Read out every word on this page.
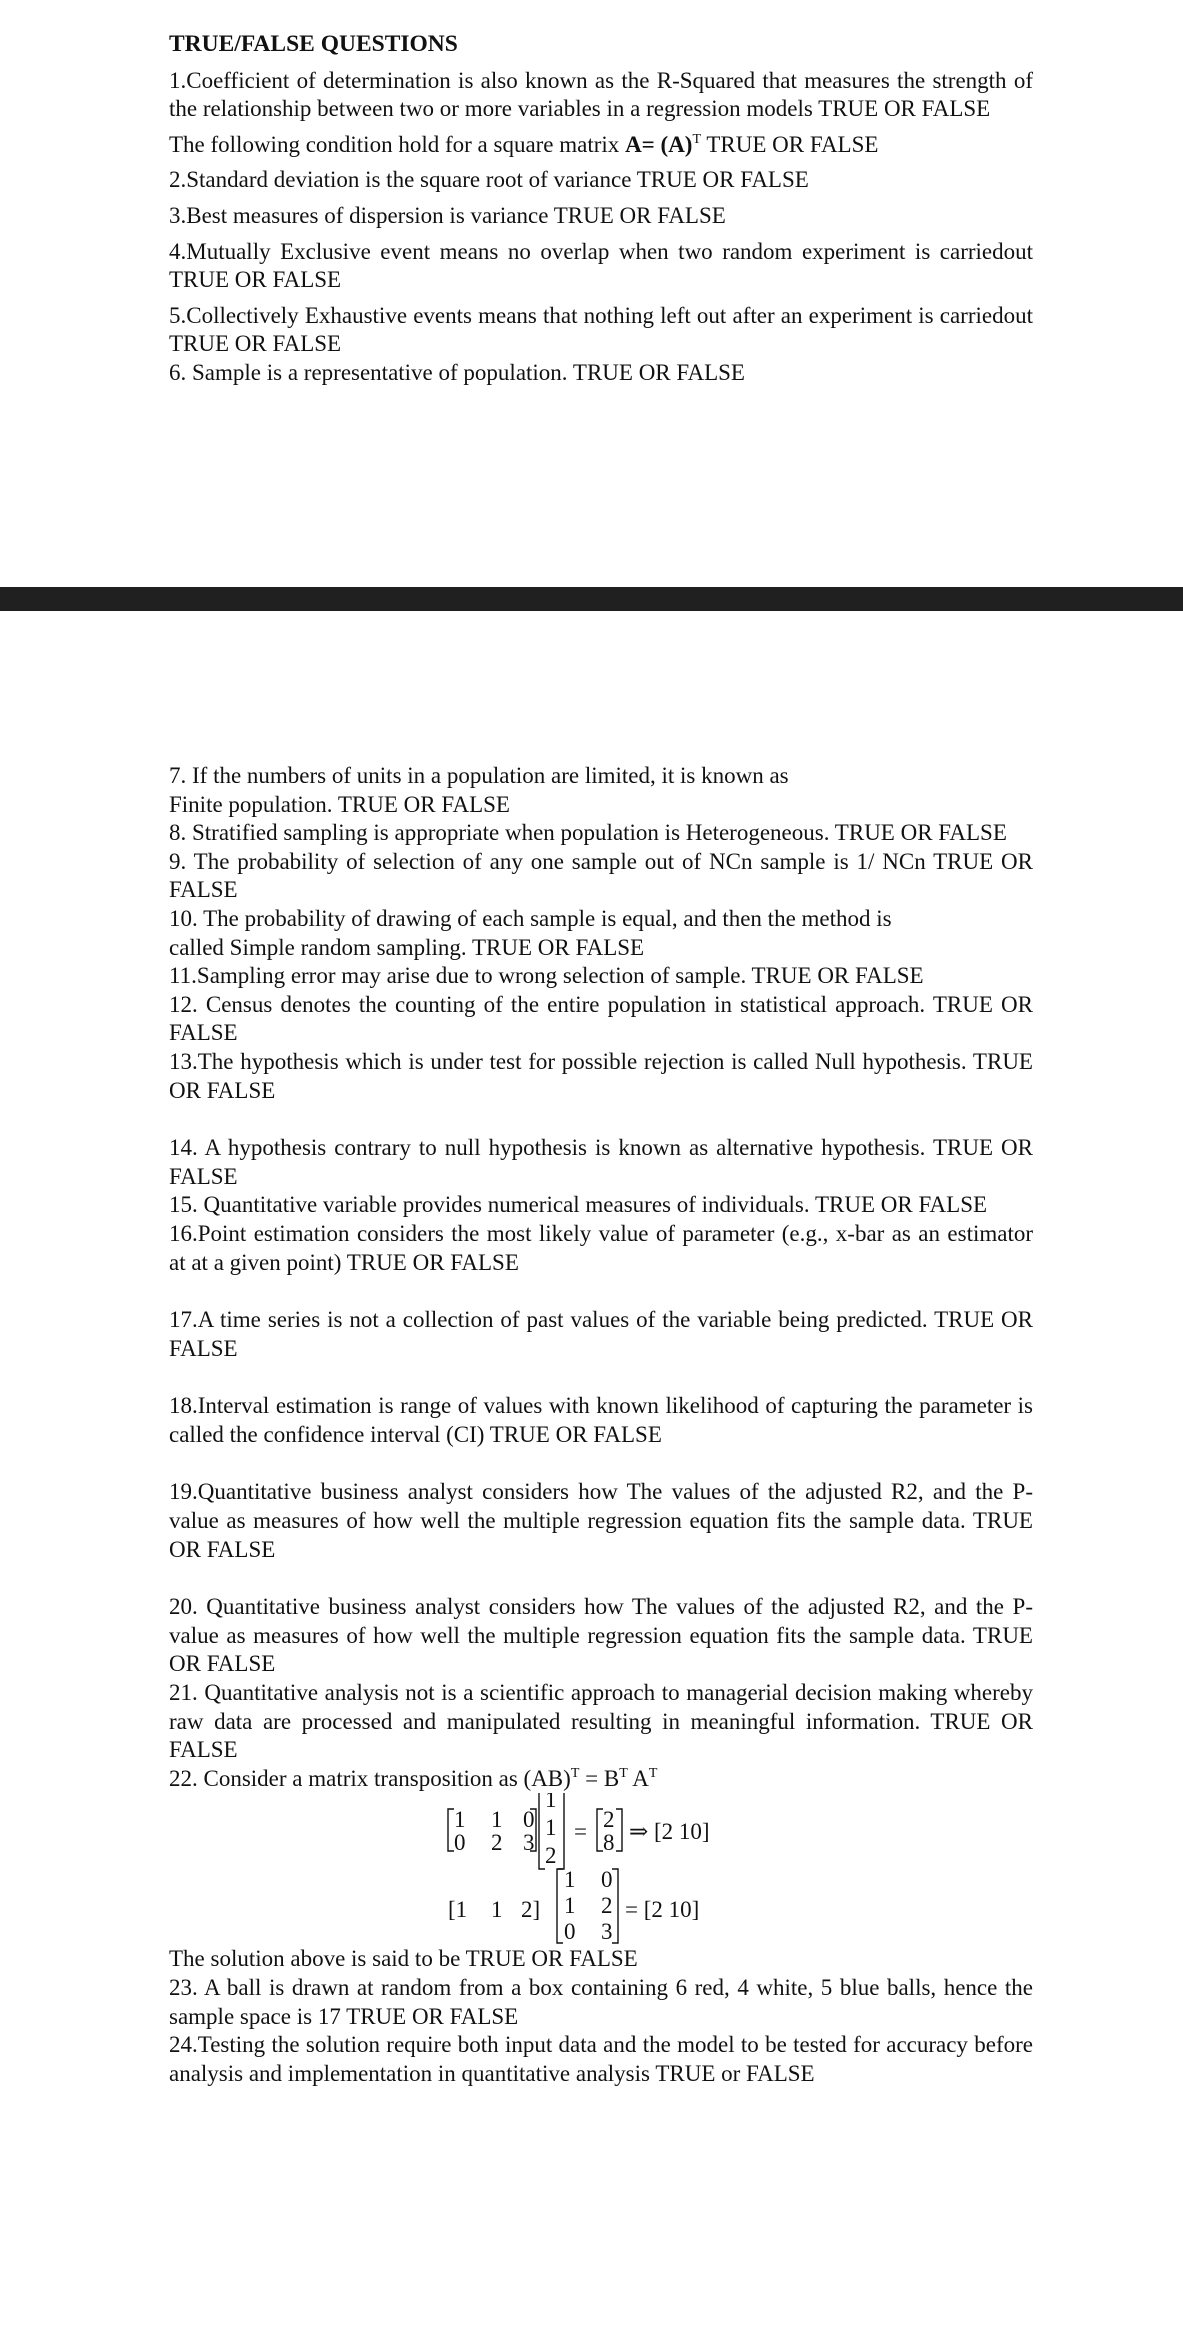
TRUE/FALSE QUESTIONS

1.Coefficient of determination is also known as the R-Squared that measures the strength of the relationship between two or more variables in a regression models TRUE OR FALSE

The following condition hold for a square matrix $A= (A)^T$ TRUE OR FALSE

2.Standard deviation is the square root of variance TRUE OR FALSE

3.Best measures of dispersion is variance TRUE OR FALSE

4.Mutually Exclusive event means no overlap when two random experiment is carriedout TRUE OR FALSE

5.Collectively Exhaustive events means that nothing left out after an experiment is carriedout TRUE OR FALSE

6. Sample is a representative of population. TRUE OR FALSE

7. If the numbers of units in a population are limited, it is known as

Finite population. TRUE OR FALSE

8. Stratified sampling is appropriate when population is Heterogeneous. TRUE OR FALSE

9. The probability of selection of any one sample out of NCn sample is 1/ NCn TRUE OR FALSE

10. The probability of drawing of each sample is equal, and then the method is

called Simple random sampling. TRUE OR FALSE

11.Sampling error may arise due to wrong selection of sample. TRUE OR FALSE

12. Census denotes the counting of the entire population in statistical approach. TRUE OR FALSE

13.The hypothesis which is under test for possible rejection is called Null hypothesis. TRUE OR FALSE

14. A hypothesis contrary to null hypothesis is known as alternative hypothesis. TRUE OR FALSE

15. Quantitative variable provides numerical measures of individuals. TRUE OR FALSE

16.Point estimation considers the most likely value of parameter (e.g., x-bar as an estimator at at a given point) TRUE OR FALSE

17.A time series is not a collection of past values of the variable being predicted. TRUE OR FALSE

18.Interval estimation is range of values with known likelihood of capturing the parameter is called the confidence interval (CI) TRUE OR FALSE

19.Quantitative business analyst considers how The values of the adjusted R2, and the P-value as measures of how well the multiple regression equation fits the sample data. TRUE OR FALSE

20. Quantitative business analyst considers how The values of the adjusted R2, and the P-value as measures of how well the multiple regression equation fits the sample data. TRUE OR FALSE

21. Quantitative analysis not is a scientific approach to managerial decision making whereby raw data are processed and manipulated resulting in meaningful information. TRUE OR FALSE

22. Consider a matrix transposition as $(AB)^T = B^T$ $A^T$

1 1 0
0 2 3
1
1
2
= 2
8 ⇒ [2 10]
[1 1 2]
1 0
1 2
0 3
= [2 10]

The solution above is said to be TRUE OR FALSE

23. A ball is drawn at random from a box containing 6 red, 4 white, 5 blue balls, hence the sample space is 17 TRUE OR FALSE

24.Testing the solution require both input data and the model to be tested for accuracy before analysis and implementation in quantitative analysis TRUE or FALSE
